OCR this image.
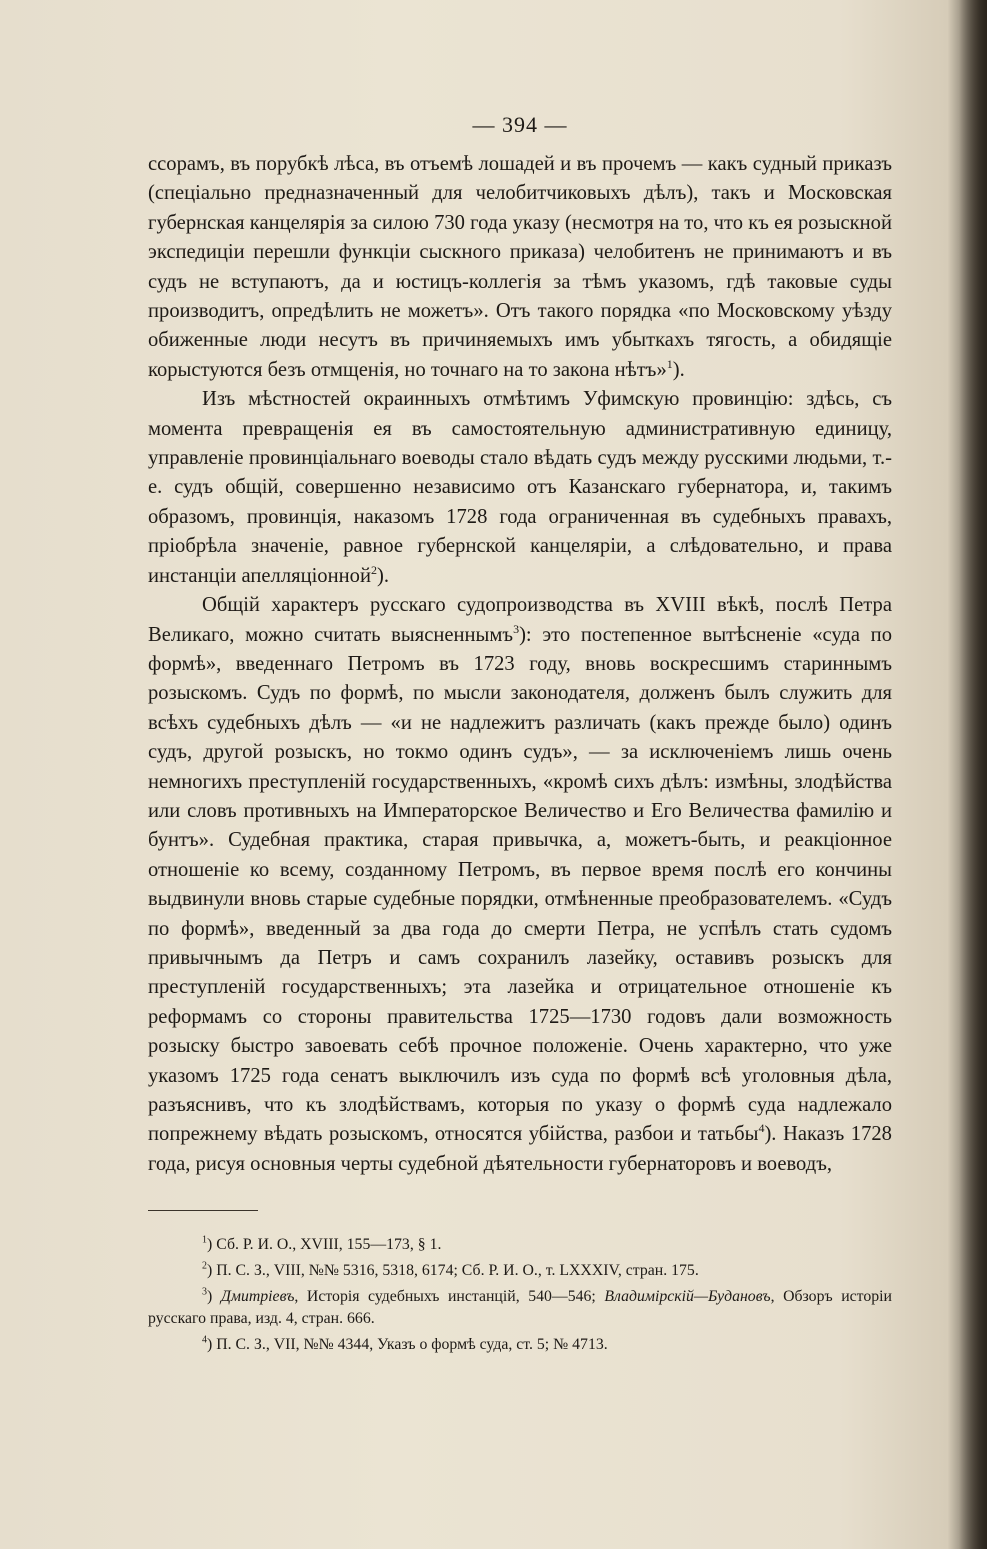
— 394 —

ссорамъ, въ порубкѣ лѣса, въ отъемѣ лошадей и въ прочемъ — какъ судный приказъ (спеціально предназначенный для челобитчиковыхъ дѣлъ), такъ и Московская губернская канцелярія за силою 730 года указу (несмотря на то, что къ ея розыскной экспедиціи перешли функціи сыскного приказа) челобитенъ не принимаютъ и въ судъ не вступаютъ, да и юстицъ-коллегія за тѣмъ указомъ, гдѣ таковые суды производитъ, опредѣлить не можетъ». Отъ такого порядка «по Московскому уѣзду обиженные люди несутъ въ причиняемыхъ имъ убыткахъ тягость, а обидящіе корыстуются безъ отмщенія, но точнаго на то закона нѣтъ»$^1$).

Изъ мѣстностей окраинныхъ отмѣтимъ Уфимскую провинцію: здѣсь, съ момента превращенія ея въ самостоятельную административную единицу, управленіе провинціальнаго воеводы стало вѣдать судъ между русскими людьми, т.-е. судъ общій, совершенно независимо отъ Казанскаго губернатора, и, такимъ образомъ, провинція, наказомъ 1728 года ограниченная въ судебныхъ правахъ, пріобрѣла значеніе, равное губернской канцеляріи, а слѣдовательно, и права инстанціи апелляціонной$^2$).

Общій характеръ русскаго судопроизводства въ XVIII вѣкѣ, послѣ Петра Великаго, можно считать выясненнымъ$^3$): это постепенное вытѣсненіе «суда по формѣ», введеннаго Петромъ въ 1723 году, вновь воскресшимъ стариннымъ розыскомъ. Судъ по формѣ, по мысли законодателя, долженъ былъ служить для всѣхъ судебныхъ дѣлъ — «и не надлежитъ различать (какъ прежде было) одинъ судъ, другой розыскъ, но токмо одинъ судъ», — за исключеніемъ лишь очень немногихъ преступленій государственныхъ, «кромѣ сихъ дѣлъ: измѣны, злодѣйства или словъ противныхъ на Императорское Величество и Его Величества фамилію и бунтъ». Судебная практика, старая привычка, а, можетъ-быть, и реакціонное отношеніе ко всему, созданному Петромъ, въ первое время послѣ его кончины выдвинули вновь старые судебные порядки, отмѣненные преобразователемъ. «Судъ по формѣ», введенный за два года до смерти Петра, не успѣлъ стать судомъ привычнымъ да Петръ и самъ сохранилъ лазейку, оставивъ розыскъ для преступленій государственныхъ; эта лазейка и отрицательное отношеніе къ реформамъ со стороны правительства 1725—1730 годовъ дали возможность розыску быстро завоевать себѣ прочное положеніе. Очень характерно, что уже указомъ 1725 года сенатъ выключилъ изъ суда по формѣ всѣ уголовныя дѣла, разъяснивъ, что къ злодѣйствамъ, которыя по указу о формѣ суда надлежало попрежнему вѣдать розыскомъ, относятся убійства, разбои и татьбы$^4$). Наказъ 1728 года, рисуя основныя черты судебной дѣятельности губернаторовъ и воеводъ,

$^1$) Сб. Р. И. О., XVIII, 155—173, § 1.

$^2$) П. С. З., VIII, №№ 5316, 5318, 6174; Сб. Р. И. О., т. LXXXIV, стран. 175.

$^3$) Дмитріевъ, Исторія судебныхъ инстанцій, 540—546; Владимірскій—Будановъ, Обзоръ исторіи русскаго права, изд. 4, стран. 666.

$^4$) П. С. З., VII, №№ 4344, Указъ о формѣ суда, ст. 5; № 4713.
